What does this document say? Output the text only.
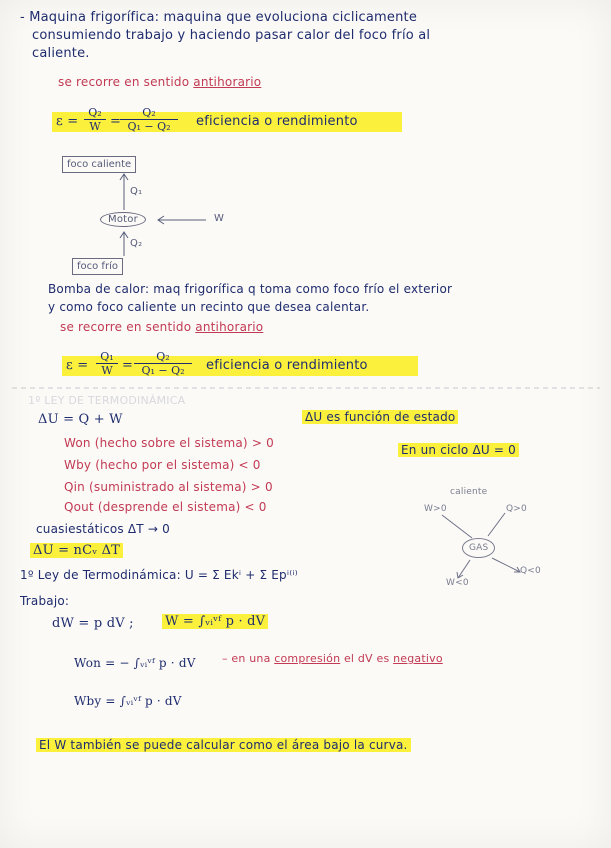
- Maquina frigorífica: maquina que evoluciona ciclicamente
consumiendo trabajo y haciendo pasar calor del foco frío al
caliente.
se recorre en sentido antihorario
ε =
Q₂
W =
Q₂
Q₁ − Q₂	eficiencia o rendimiento
foco caliente
Motor
foco frío
Q₁
Q₂
W
Bomba de calor: maq frigorífica q toma como foco frío el exterior
y como foco caliente un recinto que desea calentar.
se recorre en sentido antihorario
ε =
Q₁
W =
Q₂
Q₁ − Q₂	eficiencia o rendimiento
1º LEY DE TERMODINÁMICA
ΔU = Q + W	ΔU es función de estado
En un ciclo ΔU = 0
Won (hecho sobre el sistema) > 0
Wby (hecho por el sistema) < 0
Qin (suministrado al sistema) > 0
Qout (desprende el sistema) < 0
cuasiestáticos ΔT → 0
ΔU = nCᵥ ΔT
caliente
W>0	Q>0
GAS
W<0
Q<0
1º Ley de Termodinámica: U = Σ Ekⁱ + Σ Epⁱ⁽ⁱ⁾
Trabajo:
dW = p dV ; W = ∫ᵥᵢᵛᶠ p · dV
Won = − ∫ᵥᵢᵛᶠ p · dV – en una compresión el dV es negativo
Wby = ∫ᵥᵢᵛᶠ p · dV
El W también se puede calcular como el área bajo la curva.
